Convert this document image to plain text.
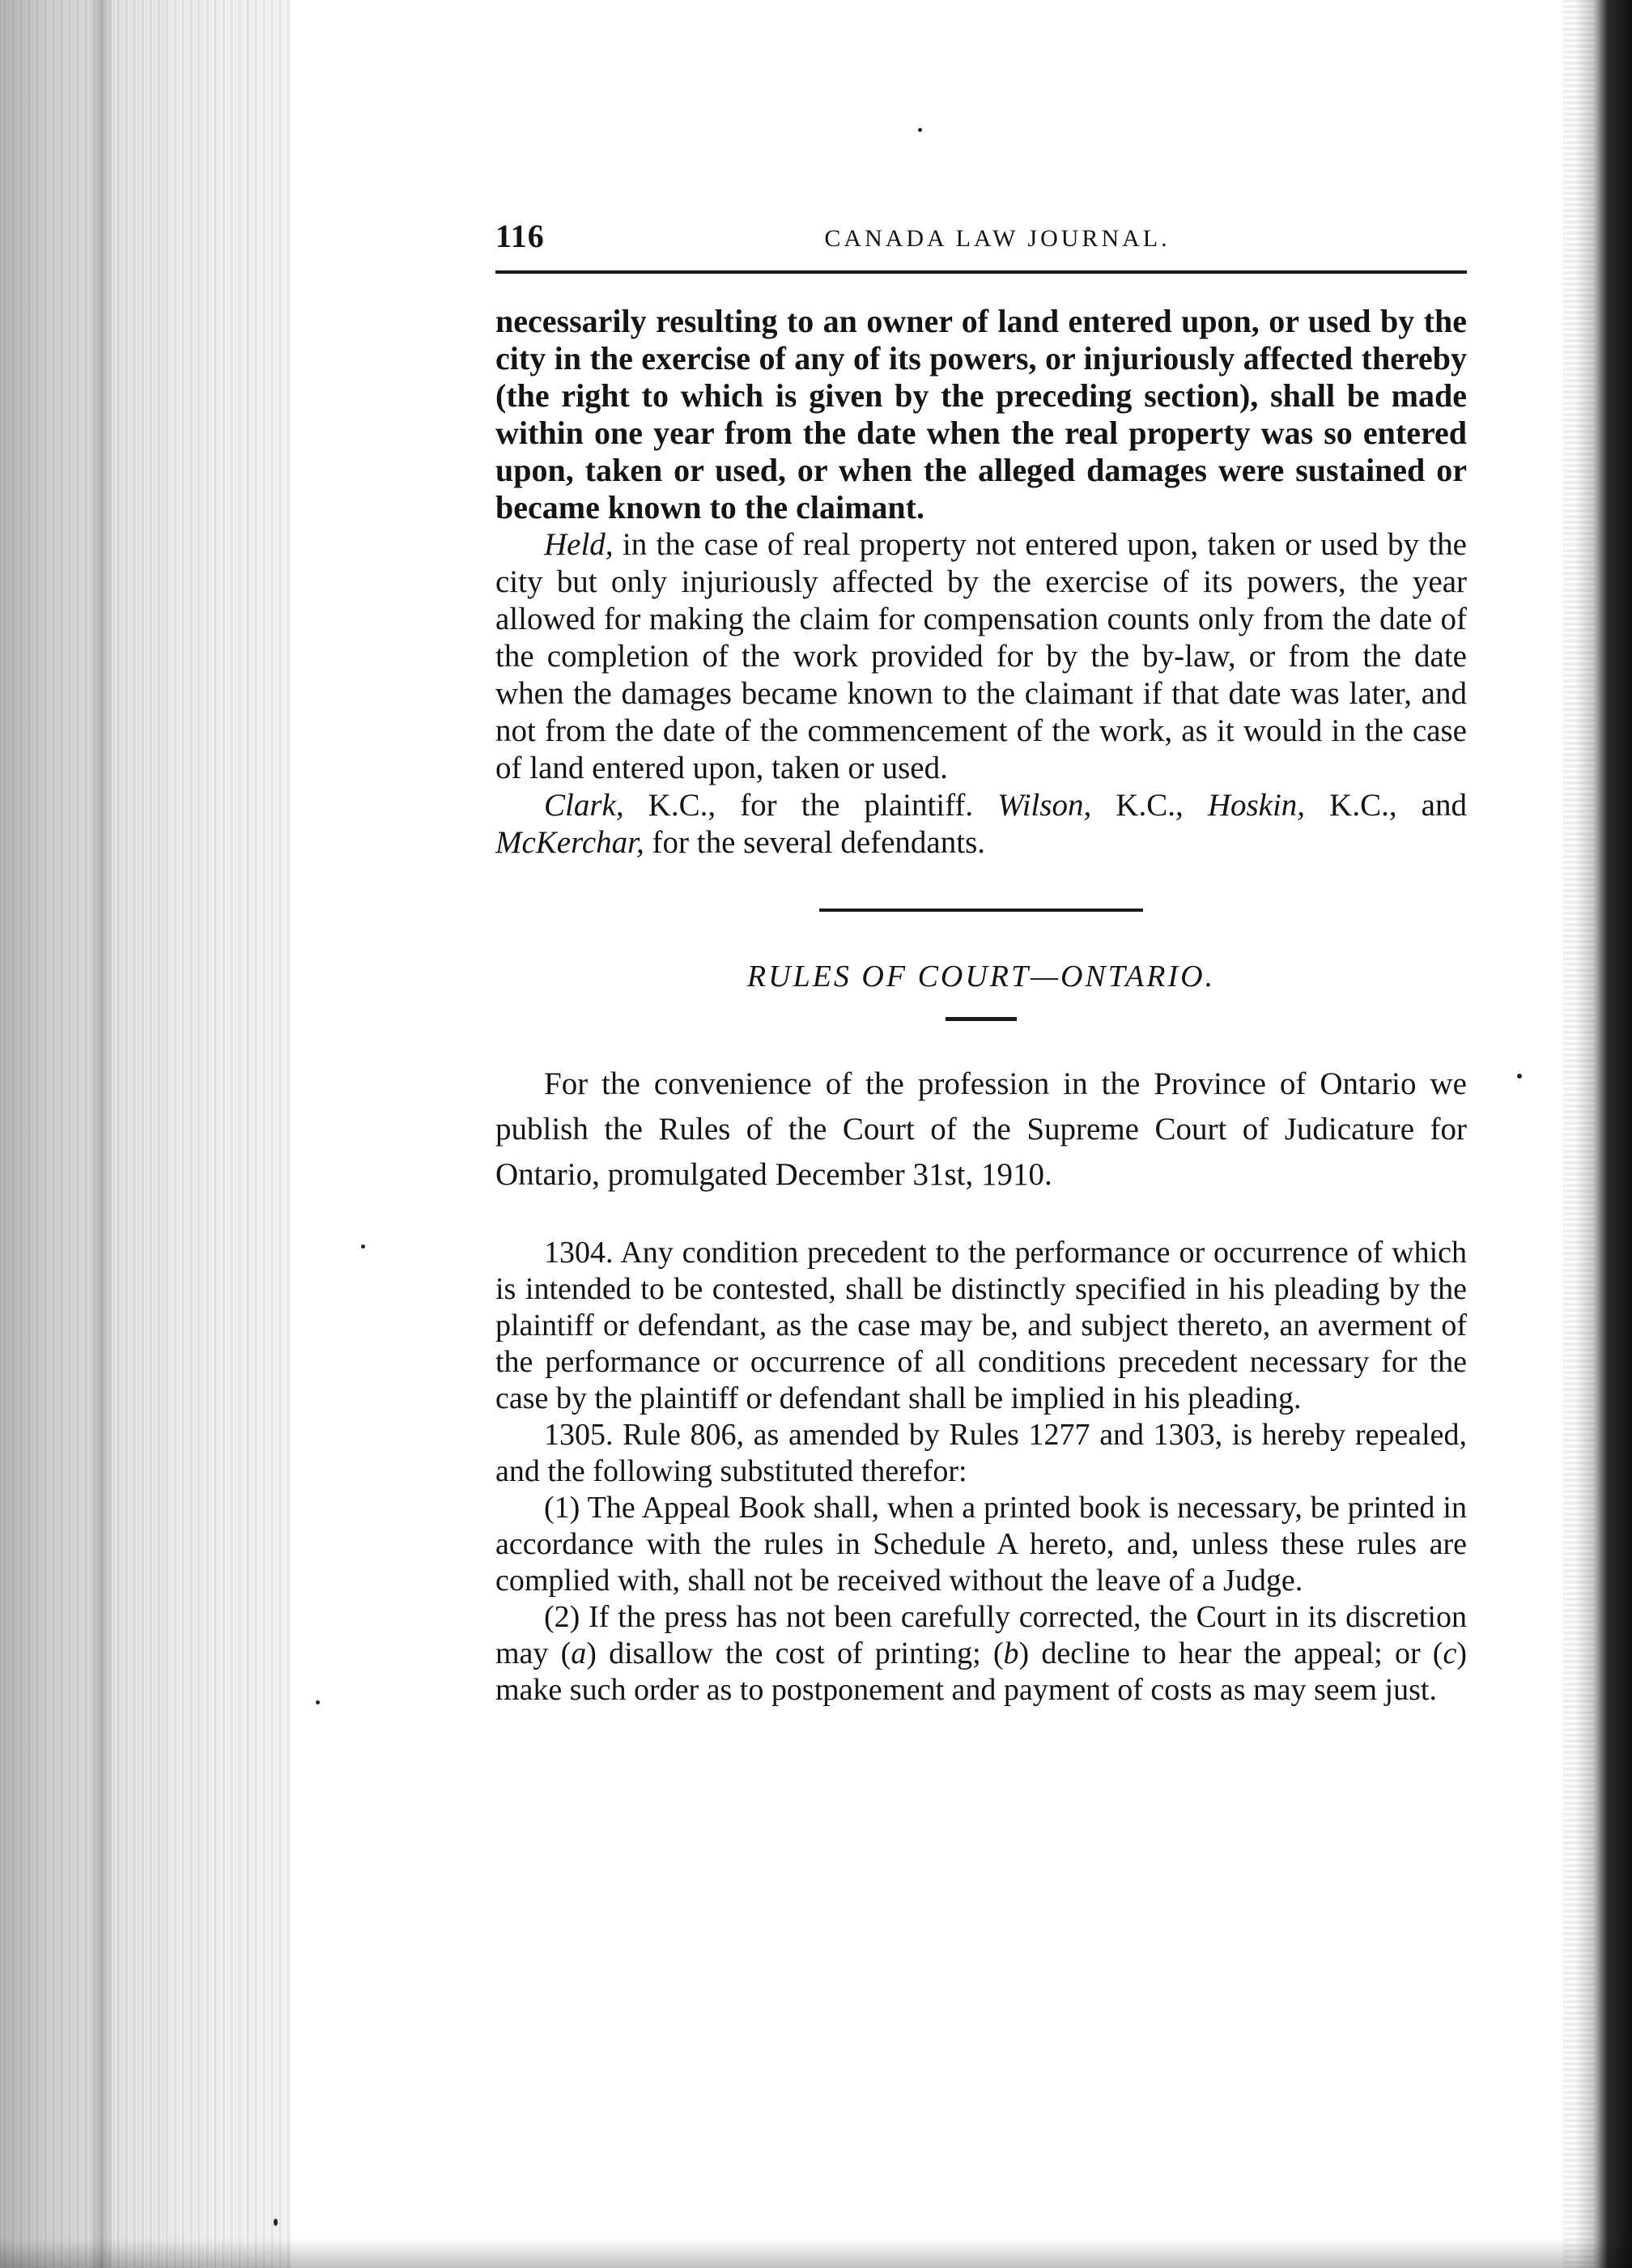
116	CANADA LAW JOURNAL.

necessarily resulting to an owner of land entered upon, or used by the city in the exercise of any of its powers, or injuriously affected thereby (the right to which is given by the preceding section), shall be made within one year from the date when the real property was so entered upon, taken or used, or when the alleged damages were sustained or became known to the claimant.

Held, in the case of real property not entered upon, taken or used by the city but only injuriously affected by the exercise of its powers, the year allowed for making the claim for compensation counts only from the date of the completion of the work provided for by the by-law, or from the date when the damages became known to the claimant if that date was later, and not from the date of the commencement of the work, as it would in the case of land entered upon, taken or used.

Clark, K.C., for the plaintiff. Wilson, K.C., Hoskin, K.C., and McKerchar, for the several defendants.

RULES OF COURT—ONTARIO.

For the convenience of the profession in the Province of Ontario we publish the Rules of the Court of the Supreme Court of Judicature for Ontario, promulgated December 31st, 1910.

1304. Any condition precedent to the performance or occurrence of which is intended to be contested, shall be distinctly specified in his pleading by the plaintiff or defendant, as the case may be, and subject thereto, an averment of the performance or occurrence of all conditions precedent necessary for the case by the plaintiff or defendant shall be implied in his pleading.

1305. Rule 806, as amended by Rules 1277 and 1303, is hereby repealed, and the following substituted therefor:

(1) The Appeal Book shall, when a printed book is necessary, be printed in accordance with the rules in Schedule A hereto, and, unless these rules are complied with, shall not be received without the leave of a Judge.

(2) If the press has not been carefully corrected, the Court in its discretion may (a) disallow the cost of printing; (b) decline to hear the appeal; or (c) make such order as to postponement and payment of costs as may seem just.
